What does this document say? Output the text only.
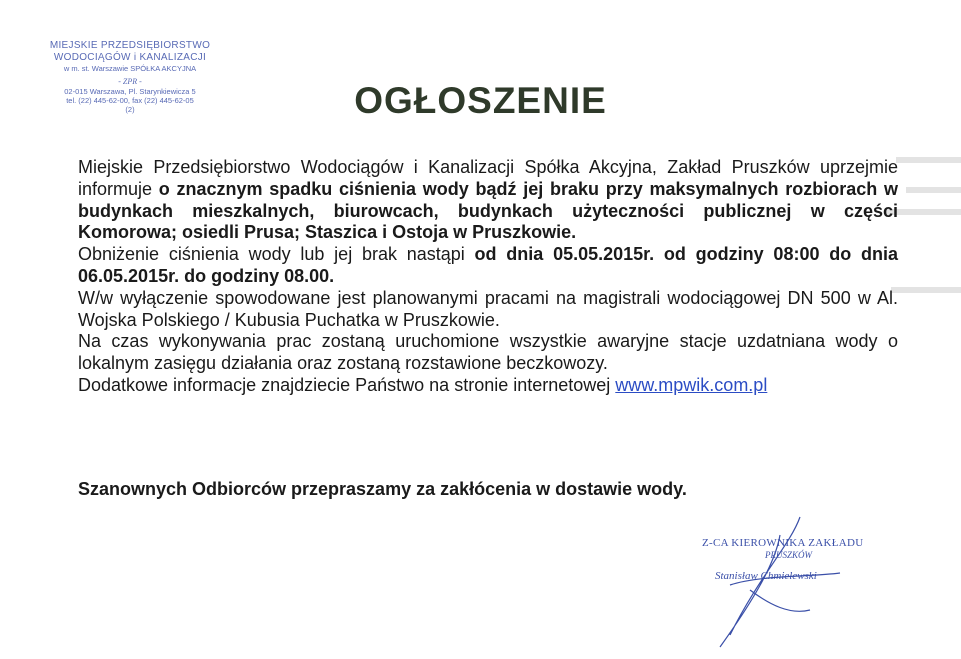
MIEJSKIE PRZEDSIĘBIORSTWO
WODOCIĄGÓW i KANALIZACJI
w m. st. Warszawie SPÓŁKA AKCYJNA
- ZPR -
02-015 Warszawa, Pl. Starynkiewicza 5
tel. (22) 445-62-00, fax (22) 445-62-05
(2)	OGŁOSZENIE

Miejskie Przedsiębiorstwo Wodociągów i Kanalizacji Spółka Akcyjna, Zakład Pruszków uprzejmie informuje o znacznym spadku ciśnienia wody bądź jej braku przy maksymalnych rozbiorach w budynkach mieszkalnych, biurowcach, budynkach użyteczności publicznej w części Komorowa; osiedli Prusa; Staszica i Ostoja w Pruszkowie.

Obniżenie ciśnienia wody lub jej brak nastąpi od dnia 05.05.2015r. od godziny 08:00 do dnia 06.05.2015r. do godziny 08.00.

W/w wyłączenie spowodowane jest planowanymi pracami na magistrali wodociągowej DN 500 w Al. Wojska Polskiego / Kubusia Puchatka w Pruszkowie.

Na czas wykonywania prac zostaną uruchomione wszystkie awaryjne stacje uzdatniana wody o lokalnym zasięgu działania oraz zostaną rozstawione beczkowozy.

Dodatkowe informacje znajdziecie Państwo na stronie internetowej www.mpwik.com.pl

Szanownych Odbiorców przepraszamy za zakłócenia w dostawie wody.
Z-CA KIEROWNIKA ZAKŁADU
PRUSZKÓW
Stanisław Chmielewski
